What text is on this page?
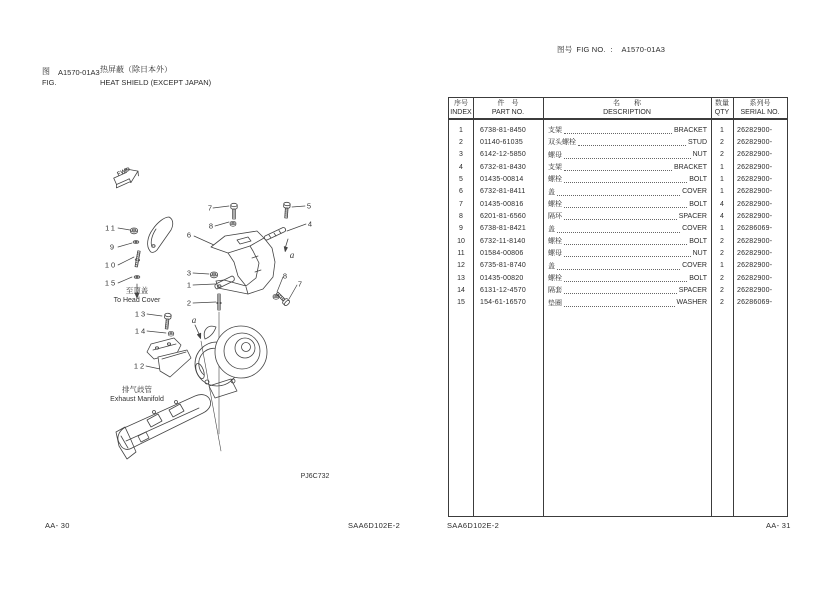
图 A1570-01A3 热屏蔽（除日本外）
FIG.	HEAT SHIELD (EXCEPT JAPAN)
图号 FIG NO. ： A1570-01A3
FWD
7	5
8	4
6
a
11
9
10
15
3
1
2
8
7
13
14
12
a
至顶盖
To Head Cover
排气歧管
Exhaust Manifold
PJ6C732
序号
INDEX
件　号
PART NO.
名　　称
DESCRIPTION
数量
QTY
系列号
SERIAL NO.
1	6738-81-8450	支架	BRACKET	1	26282900-
2	01140-61035	双头螺栓	STUD	2	26282900-
3	6142-12-5850	螺母	NUT	2	26282900-
4	6732-81-8430	支架	BRACKET	1	26282900-
5	01435-00814	螺栓	BOLT	1	26282900-
6	6732-81-8411	盖	COVER	1	26282900-
7	01435-00816	螺栓	BOLT	4	26282900-
8	6201-81-6560	隔环	SPACER	4	26282900-
9	6738-81-8421	盖	COVER	1	26286069-
10	6732-11-8140	螺栓	BOLT	2	26282900-
11	01584-00806	螺母	NUT	2	26282900-
12	6735-81-8740	盖	COVER	1	26282900-
13	01435-00820	螺栓	BOLT	2	26282900-
14	6131-12-4570	隔套	SPACER	2	26282900-
15	154-61-16570	垫圈	WASHER	2	26286069-
AA- 30	SAA6D102E-2	SAA6D102E-2	AA- 31
